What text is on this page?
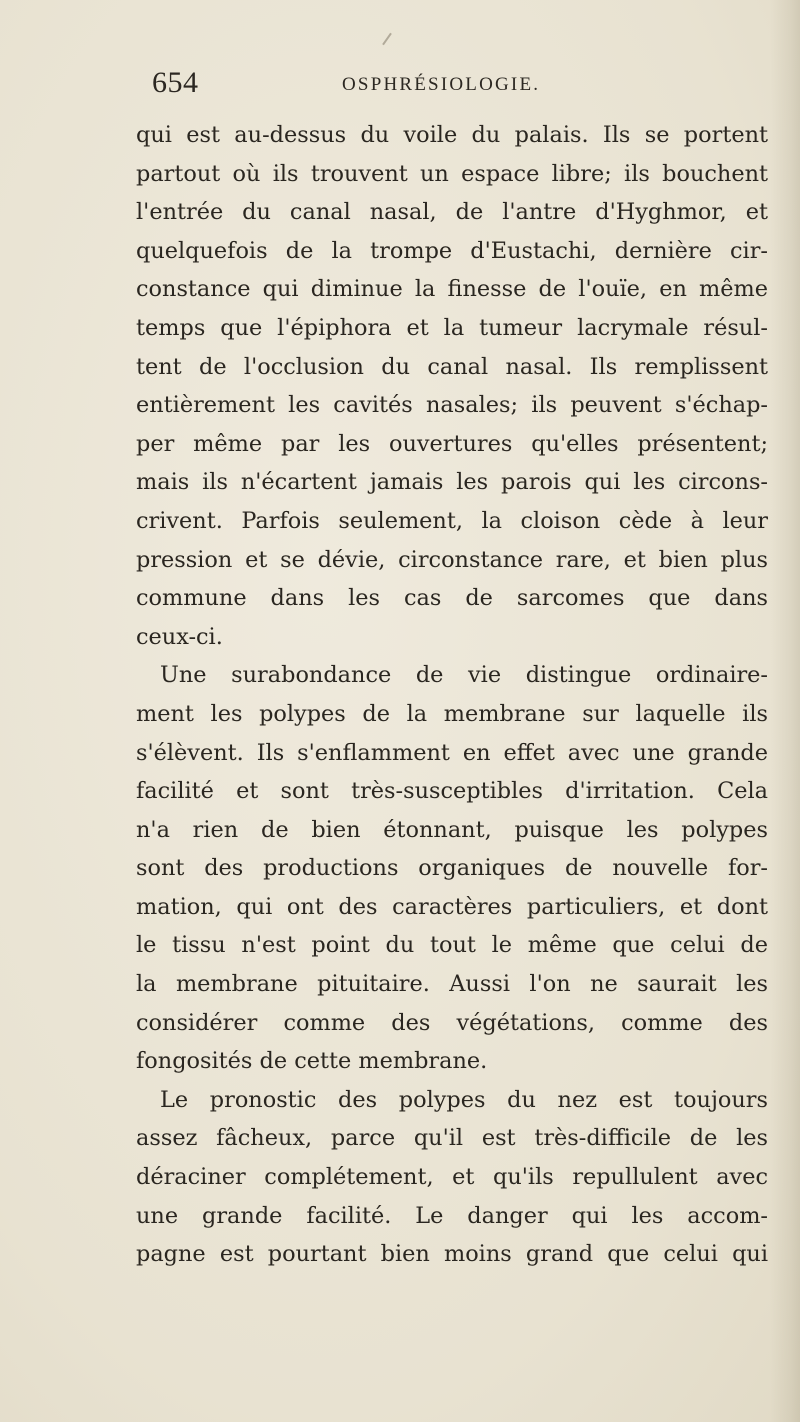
654	OSPHRÉSIOLOGIE.
qui est au-dessus du voile du palais. Ils se portent
partout où ils trouvent un espace libre; ils bouchent
l'entrée du canal nasal, de l'antre d'Hyghmor, et
quelquefois de la trompe d'Eustachi, dernière cir-
constance qui diminue la finesse de l'ouïe, en même
temps que l'épiphora et la tumeur lacrymale résul-
tent de l'occlusion du canal nasal. Ils remplissent
entièrement les cavités nasales; ils peuvent s'échap-
per même par les ouvertures qu'elles présentent;
mais ils n'écartent jamais les parois qui les circons-
crivent. Parfois seulement, la cloison cède à leur
pression et se dévie, circonstance rare, et bien plus
commune dans les cas de sarcomes que dans
ceux-ci.
Une surabondance de vie distingue ordinaire-
ment les polypes de la membrane sur laquelle ils
s'élèvent. Ils s'enflamment en effet avec une grande
facilité et sont très-susceptibles d'irritation. Cela
n'a rien de bien étonnant, puisque les polypes
sont des productions organiques de nouvelle for-
mation, qui ont des caractères particuliers, et dont
le tissu n'est point du tout le même que celui de
la membrane pituitaire. Aussi l'on ne saurait les
considérer comme des végétations, comme des
fongosités de cette membrane.
Le pronostic des polypes du nez est toujours
assez fâcheux, parce qu'il est très-difficile de les
déraciner complétement, et qu'ils repullulent avec
une grande facilité. Le danger qui les accom-
pagne est pourtant bien moins grand que celui qui
